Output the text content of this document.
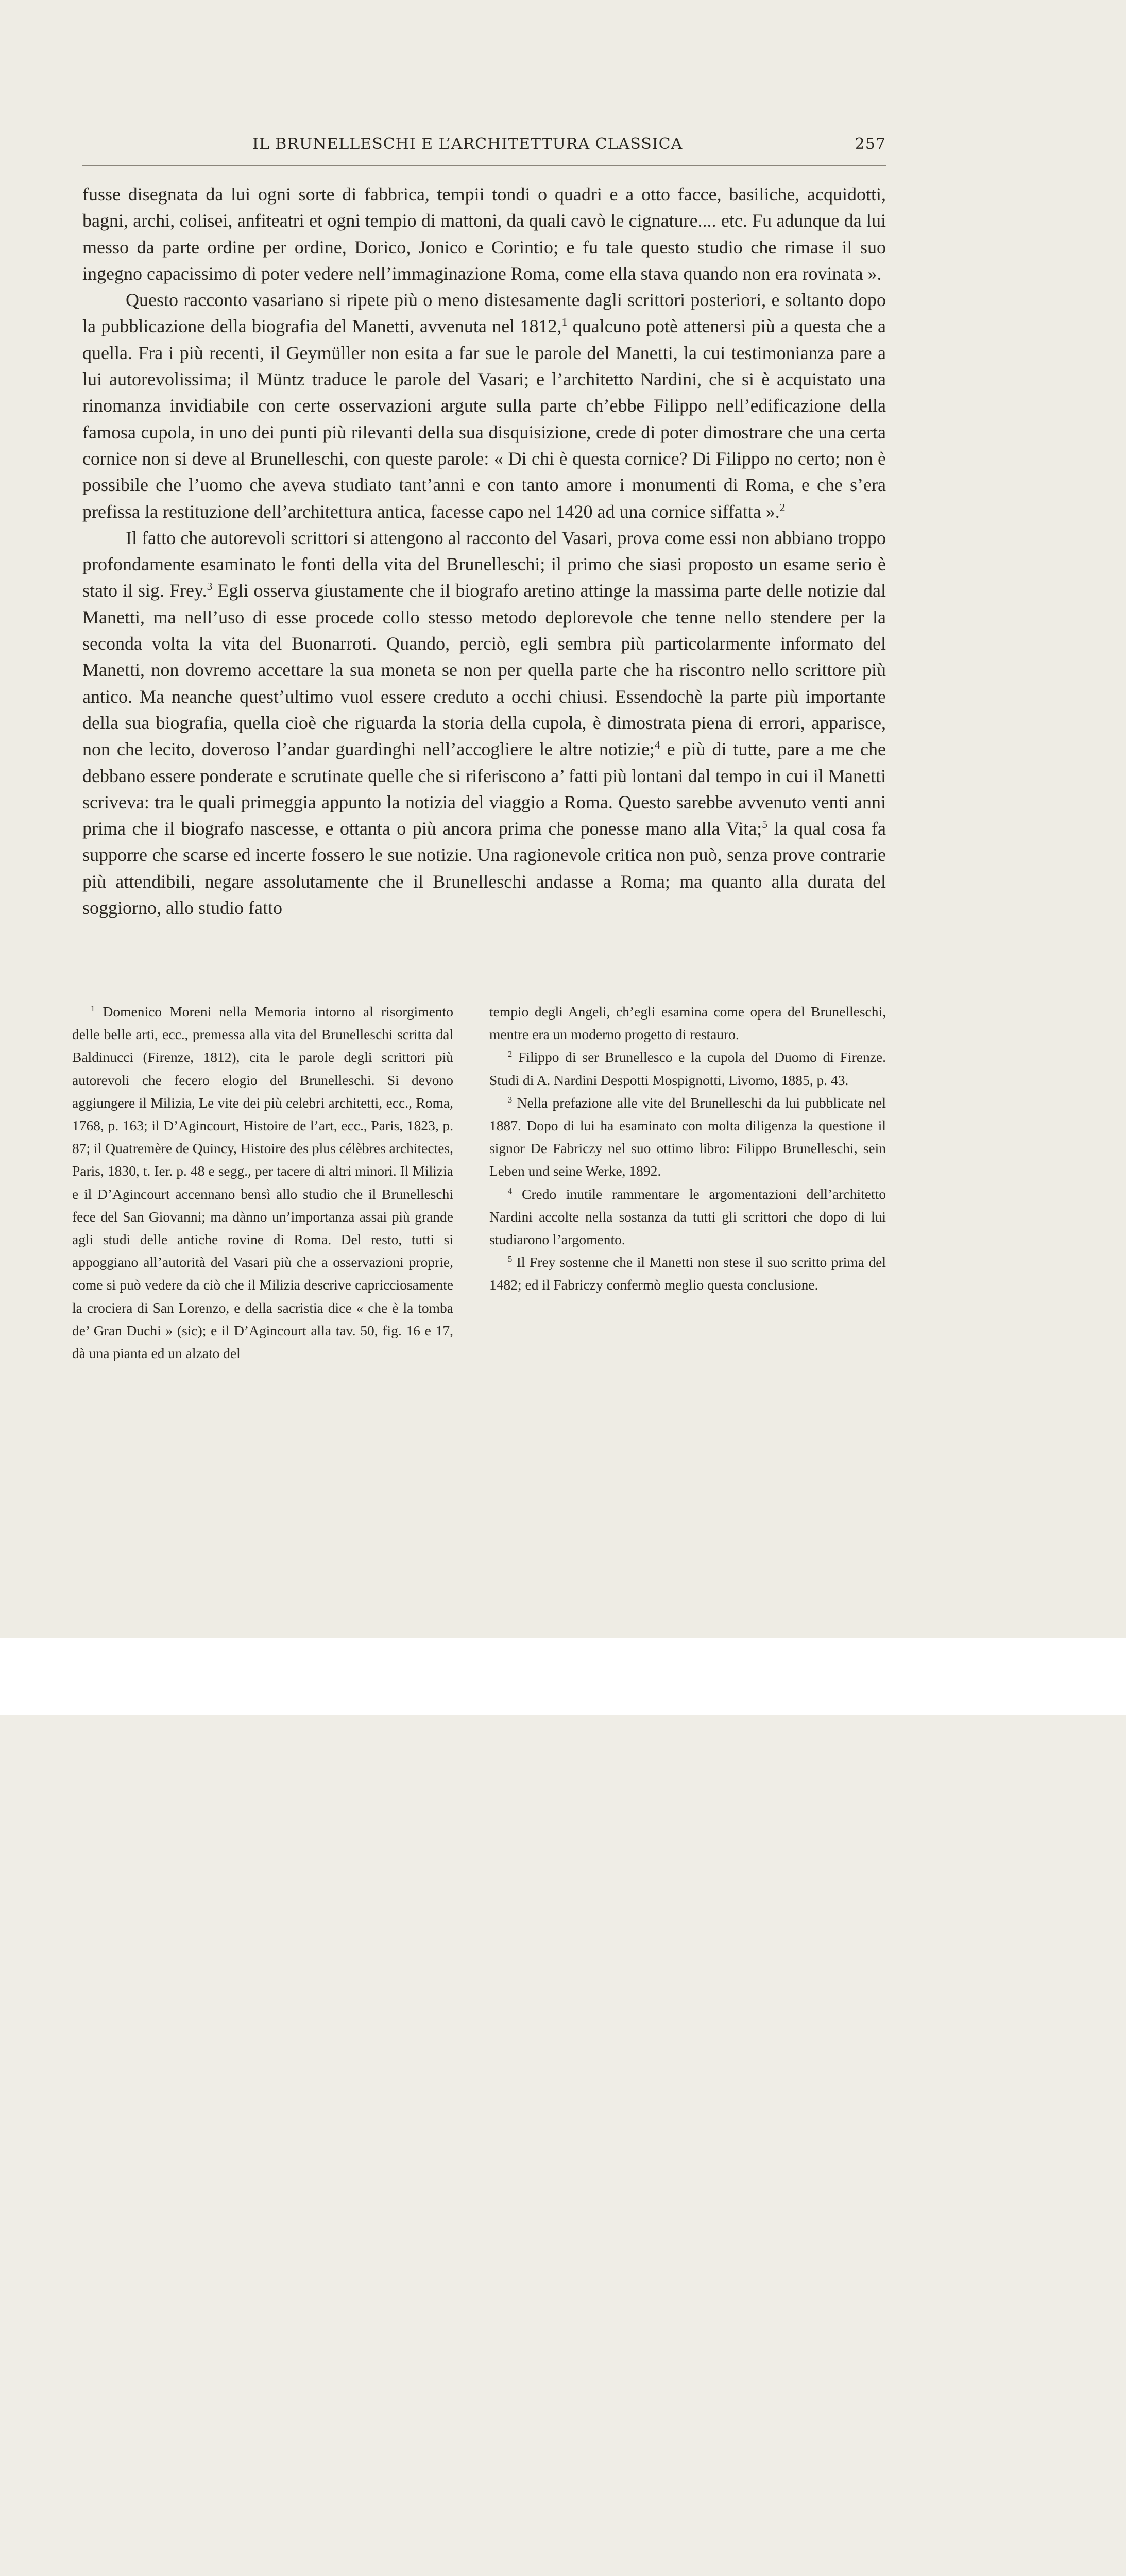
IL BRUNELLESCHI E L’ARCHITETTURA CLASSICA	257

fusse disegnata da lui ogni sorte di fabbrica, tempii tondi o quadri e a otto facce, basiliche, acquidotti, bagni, archi, colisei, anfiteatri et ogni tempio di mattoni, da quali cavò le cignature.... etc. Fu adunque da lui messo da parte ordine per ordine, Dorico, Jonico e Corintio; e fu tale questo studio che rimase il suo ingegno capacissimo di poter vedere nell’immaginazione Roma, come ella stava quando non era rovinata ».

Questo racconto vasariano si ripete più o meno distesamente dagli scrittori posteriori, e soltanto dopo la pubblicazione della biografia del Manetti, avvenuta nel 1812,$^1$ qualcuno potè attenersi più a questa che a quella. Fra i più recenti, il Geymüller non esita a far sue le parole del Manetti, la cui testimonianza pare a lui autorevolissima; il Müntz traduce le parole del Vasari; e l’architetto Nardini, che si è acquistato una rinomanza invidiabile con certe osservazioni argute sulla parte ch’ebbe Filippo nell’edificazione della famosa cupola, in uno dei punti più rilevanti della sua disquisizione, crede di poter dimostrare che una certa cornice non si deve al Brunelleschi, con queste parole: « Di chi è questa cornice? Di Filippo no certo; non è possibile che l’uomo che aveva studiato tant’anni e con tanto amore i monumenti di Roma, e che s’era prefissa la restituzione dell’architettura antica, facesse capo nel 1420 ad una cornice siffatta ».$^2$

Il fatto che autorevoli scrittori si attengono al racconto del Vasari, prova come essi non abbiano troppo profondamente esaminato le fonti della vita del Brunelleschi; il primo che siasi proposto un esame serio è stato il sig. Frey.$^3$ Egli osserva giustamente che il biografo aretino attinge la massima parte delle notizie dal Manetti, ma nell’uso di esse procede collo stesso metodo deplorevole che tenne nello stendere per la seconda volta la vita del Buonarroti. Quando, perciò, egli sembra più particolarmente informato del Manetti, non dovremo accettare la sua moneta se non per quella parte che ha riscontro nello scrittore più antico. Ma neanche quest’ultimo vuol essere creduto a occhi chiusi. Essendochè la parte più importante della sua biografia, quella cioè che riguarda la storia della cupola, è dimostrata piena di errori, apparisce, non che lecito, doveroso l’andar guardinghi nell’accogliere le altre notizie;$^4$ e più di tutte, pare a me che debbano essere ponderate e scrutinate quelle che si riferiscono a’ fatti più lontani dal tempo in cui il Manetti scriveva: tra le quali primeggia appunto la notizia del viaggio a Roma. Questo sarebbe avvenuto venti anni prima che il biografo nascesse, e ottanta o più ancora prima che ponesse mano alla Vita;$^5$ la qual cosa fa supporre che scarse ed incerte fossero le sue notizie. Una ragionevole critica non può, senza prove contrarie più attendibili, negare assolutamente che il Brunelleschi andasse a Roma; ma quanto alla durata del soggiorno, allo studio fatto

$^1$ Domenico Moreni nella Memoria intorno al risorgimento delle belle arti, ecc., premessa alla vita del Brunelleschi scritta dal Baldinucci (Firenze, 1812), cita le parole degli scrittori più autorevoli che fecero elogio del Brunelleschi. Si devono aggiungere il Milizia, Le vite dei più celebri architetti, ecc., Roma, 1768, p. 163; il D’Agincourt, Histoire de l’art, ecc., Paris, 1823, p. 87; il Quatremère de Quincy, Histoire des plus célèbres architectes, Paris, 1830, t. Ier. p. 48 e segg., per tacere di altri minori. Il Milizia e il D’Agincourt accennano bensì allo studio che il Brunelleschi fece del San Giovanni; ma dànno un’importanza assai più grande agli studi delle antiche rovine di Roma. Del resto, tutti si appoggiano all’autorità del Vasari più che a osservazioni proprie, come si può vedere da ciò che il Milizia descrive capricciosamente la crociera di San Lorenzo, e della sacristia dice « che è la tomba de’ Gran Duchi » (sic); e il D’Agincourt alla tav. 50, fig. 16 e 17, dà una pianta ed un alzato del

tempio degli Angeli, ch’egli esamina come opera del Brunelleschi, mentre era un moderno progetto di restauro.

$^2$ Filippo di ser Brunellesco e la cupola del Duomo di Firenze. Studi di A. Nardini Despotti Mospignotti, Livorno, 1885, p. 43.

$^3$ Nella prefazione alle vite del Brunelleschi da lui pubblicate nel 1887. Dopo di lui ha esaminato con molta diligenza la questione il signor De Fabriczy nel suo ottimo libro: Filippo Brunelleschi, sein Leben und seine Werke, 1892.

$^4$ Credo inutile rammentare le argomentazioni dell’architetto Nardini accolte nella sostanza da tutti gli scrittori che dopo di lui studiarono l’argomento.

$^5$ Il Frey sostenne che il Manetti non stese il suo scritto prima del 1482; ed il Fabriczy confermò meglio questa conclusione.
